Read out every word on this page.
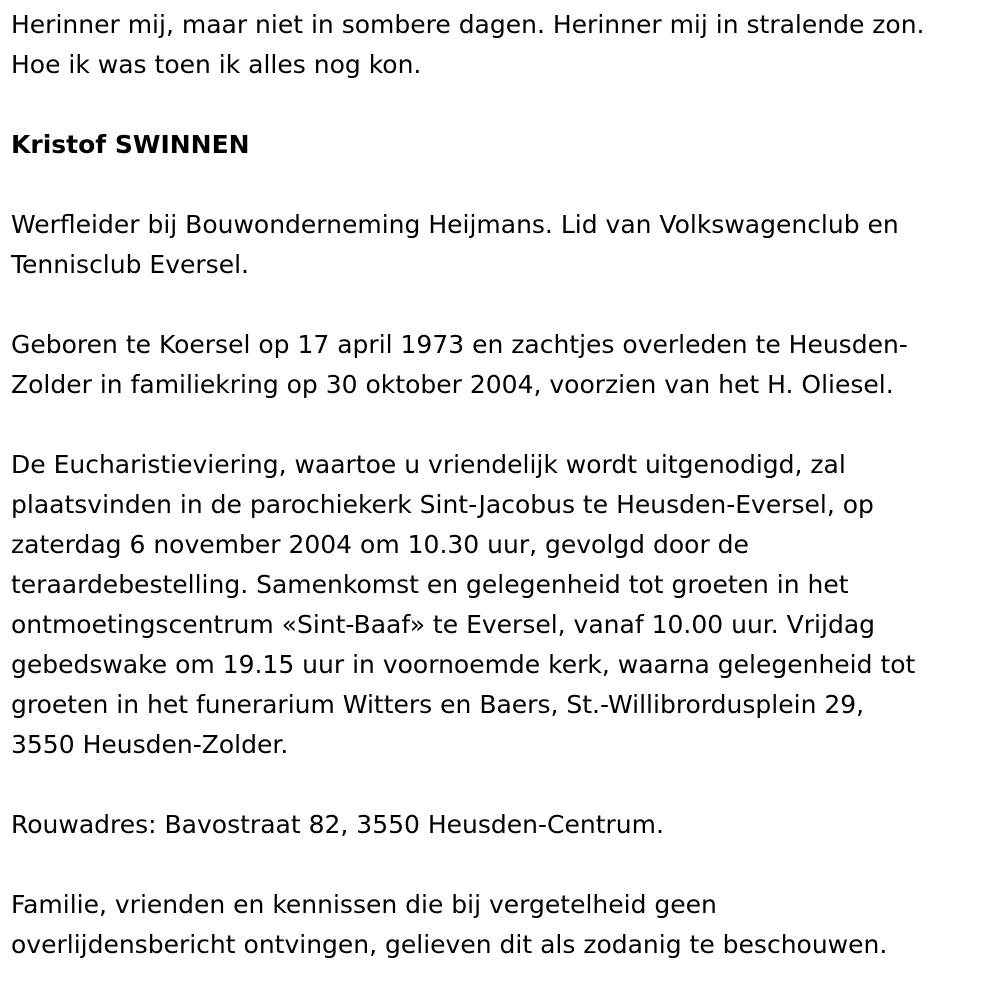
Herinner mij, maar niet in sombere dagen. Herinner mij in stralende zon.
Hoe ik was toen ik alles nog kon.

Kristof SWINNEN

Werfleider bij Bouwonderneming Heijmans. Lid van Volkswagenclub en
Tennisclub Eversel.

Geboren te Koersel op 17 april 1973 en zachtjes overleden te Heusden-
Zolder in familiekring op 30 oktober 2004, voorzien van het H. Oliesel.

De Eucharistieviering, waartoe u vriendelijk wordt uitgenodigd, zal
plaatsvinden in de parochiekerk Sint-Jacobus te Heusden-Eversel, op
zaterdag 6 november 2004 om 10.30 uur, gevolgd door de
teraardebestelling. Samenkomst en gelegenheid tot groeten in het
ontmoetingscentrum «Sint-Baaf» te Eversel, vanaf 10.00 uur. Vrijdag
gebedswake om 19.15 uur in voornoemde kerk, waarna gelegenheid tot
groeten in het funerarium Witters en Baers, St.-Willibrordusplein 29,
3550 Heusden-Zolder.

Rouwadres: Bavostraat 82, 3550 Heusden-Centrum.

Familie, vrienden en kennissen die bij vergetelheid geen
overlijdensbericht ontvingen, gelieven dit als zodanig te beschouwen.
